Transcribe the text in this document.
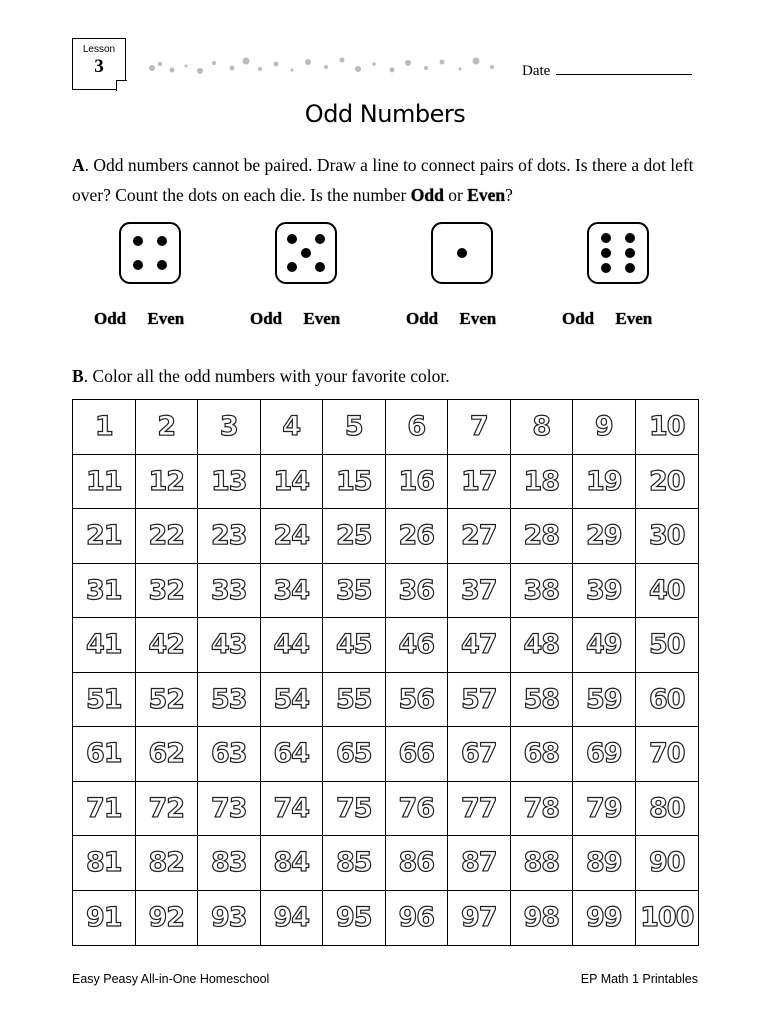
Lesson
3	Date
Odd Numbers
A. Odd numbers cannot be paired. Draw a line to connect pairs of dots. Is there a dot left over? Count the dots on each die. Is the number Odd or Even?
Odd Even	Odd Even	Odd Even	Odd Even
B. Color all the odd numbers with your favorite color.
1	2	3	4	5	6	7	8	9	10
11 12 13 14 15 16 17 18 19	20
21 22 23 24 25 26 27 28 29	30
31 32 33 34 35 36 37 38 39	40
41 42 43 44 45 46 47 48 49	50
51 52 53 54 55 56 57 58 59	60
61 62 63 64 65 66 67 68 69	70
71 72 73 74 75 76 77 78 79	80
81 82 83 84 85 86 87 88 89	90
91 92 93 94 95 96 97 98 99 100
Easy Peasy All-in-One Homeschool	EP Math 1 Printables
